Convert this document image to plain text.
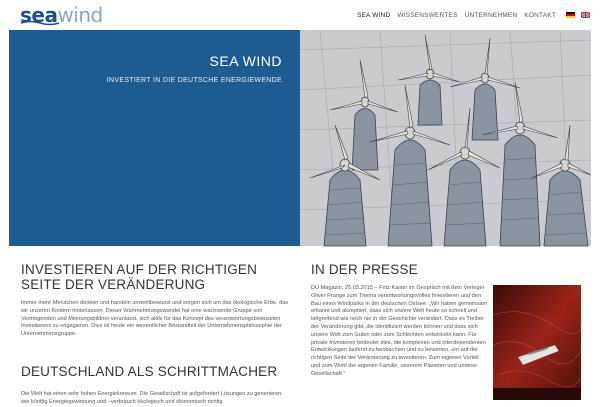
seawind	SEA WIND WISSENSWERTES UNTERNEHMEN KONTAKT
SEA WIND
INVESTIERT IN DIE DEUTSCHE ENERGIEWENDE
INVESTIEREN AUF DER RICHTIGEN SEITE DER VERÄNDERUNG

Immer mehr Menschen denken und handeln umweltbewusst und sorgen sich um das ökologische Erbe, das wir unseren Kindern hinterlassen. Dieser Wahrnehmungswandel hat eine wachsende Gruppe von Vermögenden und Meinungsbildner veranlasst, sich aktiv für das Konzept des verantwortungsbewussten Investierens zu engagieren. Dies ist heute ein wesentlicher Bestandteil der Unternehmensphilosophie der Unternehmensgruppe.

DEUTSCHLAND ALS SCHRITTMACHER

Die Welt hat einen sehr hohen Energiekonsum. Die Gesellschaft ist aufgefordert Lösungen zu generieren, wie künftig Energiegewinnung und –verbrauch ökologisch und ökonomisch richtig

IN DER PRESSE

DU Magazin, 25.03.2015 – Fritz Kaiser im Gespräch mit dem Verleger Oliver Prange zum Thema verantwortungsvolles Investieren und den Bau eines Windparks in der deutschen Ostsee: „Wir haben gemeinsam erkannt und akzeptiert, dass sich unsere Welt heute so schnell und tiefgreifend wie noch nie in der Geschichte verändert. Dass es Treiber der Veränderung gibt, die identifiziert werden können und dass sich unsere Welt zum Guten oder zum Schlechten entwickeln kann. Für private Investoren bedeutet dies, die komplexen und interdependenten Entwicklungen laufend zu beobachten und zu bewerten, um auf der richtigen Seite der Veränderung zu investieren. Zum eigenen Vorteil und zum Wohl der eigenen Familie, unserem Planeten und unserer Gesellschaft.“
